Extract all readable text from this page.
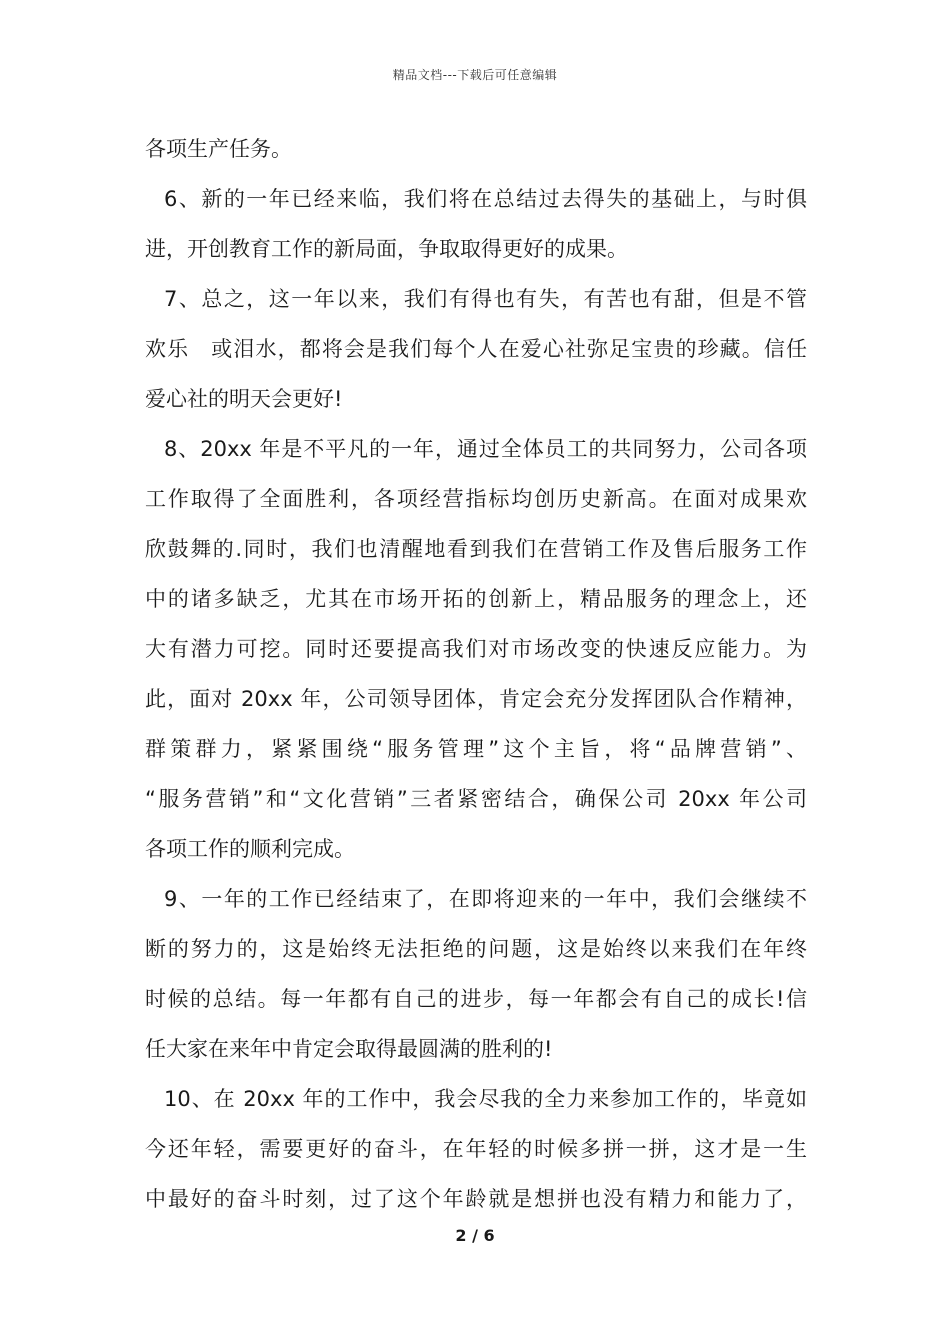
精品文档---下载后可任意编辑
各项生产任务。
6、新的一年已经来临，我们将在总结过去得失的基础上，与时俱
进，开创教育工作的新局面，争取取得更好的成果。
7、总之，这一年以来，我们有得也有失，有苦也有甜，但是不管
欢乐　或泪水，都将会是我们每个人在爱心社弥足宝贵的珍藏。信任
爱心社的明天会更好!
8、20xx 年是不平凡的一年，通过全体员工的共同努力，公司各项
工作取得了全面胜利，各项经营指标均创历史新高。在面对成果欢
欣鼓舞的.同时，我们也清醒地看到我们在营销工作及售后服务工作
中的诸多缺乏，尤其在市场开拓的创新上，精品服务的理念上，还
大有潜力可挖。同时还要提高我们对市场改变的快速反应能力。为
此，面对 20xx 年，公司领导团体，肯定会充分发挥团队合作精神，
群策群力，紧紧围绕“服务管理”这个主旨，将“品牌营销”、
“服务营销”和“文化营销”三者紧密结合，确保公司 20xx 年公司
各项工作的顺利完成。
9、一年的工作已经结束了，在即将迎来的一年中，我们会继续不
断的努力的，这是始终无法拒绝的问题，这是始终以来我们在年终
时候的总结。每一年都有自己的进步，每一年都会有自己的成长!信
任大家在来年中肯定会取得最圆满的胜利的!
10、在 20xx 年的工作中，我会尽我的全力来参加工作的，毕竟如
今还年轻，需要更好的奋斗，在年轻的时候多拼一拼，这才是一生
中最好的奋斗时刻，过了这个年龄就是想拼也没有精力和能力了，
2 / 6
